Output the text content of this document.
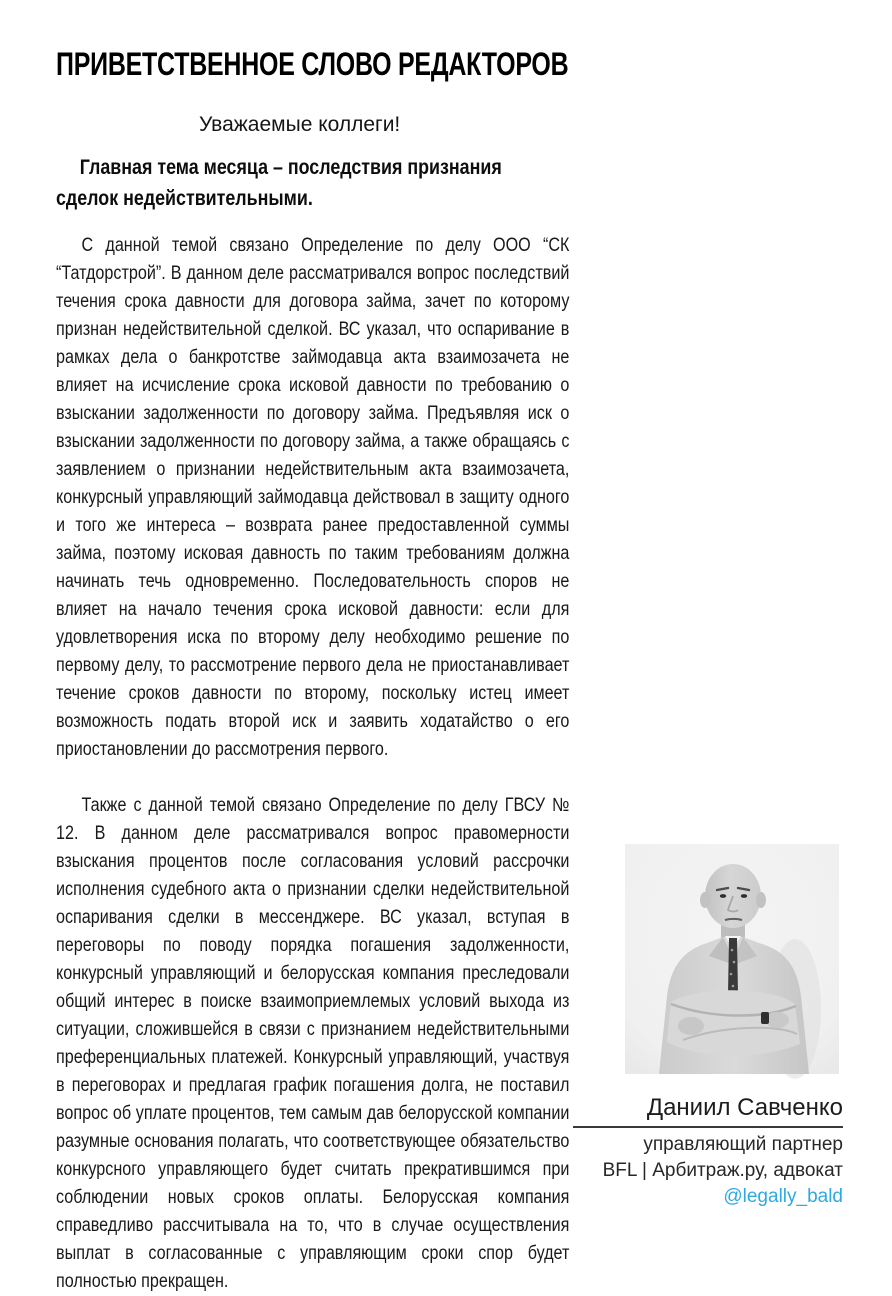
ПРИВЕТСТВЕННОЕ СЛОВО РЕДАКТОРОВ
Уважаемые коллеги!
Главная тема месяца – последствия признания
сделок недействительными.

С данной темой связано Определение по делу ООО “СК “Татдорстрой”. В данном деле рассматривался вопрос последствий течения срока давности для договора займа, зачет по которому признан недействительной сделкой. ВС указал, что оспаривание в рамках дела о банкротстве займодавца акта взаимозачета не влияет на исчисление срока исковой давности по требованию о взыскании задолженности по договору займа. Предъявляя иск о взыскании задолженности по договору займа, а также обращаясь с заявлением о признании недействительным акта взаимозачета, конкурсный управляющий займодавца действовал в защиту одного и того же интереса – возврата ранее предоставленной суммы займа, поэтому исковая давность по таким требованиям должна начинать течь одновременно. Последовательность споров не влияет на начало течения срока исковой давности: если для удовлетворения иска по второму делу необходимо решение по первому делу, то рассмотрение первого дела не приостанавливает течение сроков давности по второму, поскольку истец имеет возможность подать второй иск и заявить ходатайство о его приостановлении до рассмотрения первого.

Также с данной темой связано Определение по делу ГВСУ № 12. В данном деле рассматривался вопрос правомерности взыскания процентов после согласования условий рассрочки исполнения судебного акта о признании сделки недействительной оспаривания сделки в мессенджере. ВС указал, вступая в переговоры по поводу порядка погашения задолженности, конкурсный управляющий и белорусская компания преследовали общий интерес в поиске взаимоприемлемых условий выхода из ситуации, сложившейся в связи с признанием недействительными преференциальных платежей. Конкурсный управляющий, участвуя в переговорах и предлагая график погашения долга, не поставил вопрос об уплате процентов, тем самым дав белорусской компании разумные основания полагать, что соответствующее обязательство конкурсного управляющего будет считать прекратившимся при соблюдении новых сроков оплаты. Белорусская компания справедливо рассчитывала на то, что в случае осуществления выплат в согласованные с управляющим сроки спор будет полностью прекращен.

Даниил Савченко
управляющий партнер
BFL | Арбитраж.ру, адвокат
@legally_bald
